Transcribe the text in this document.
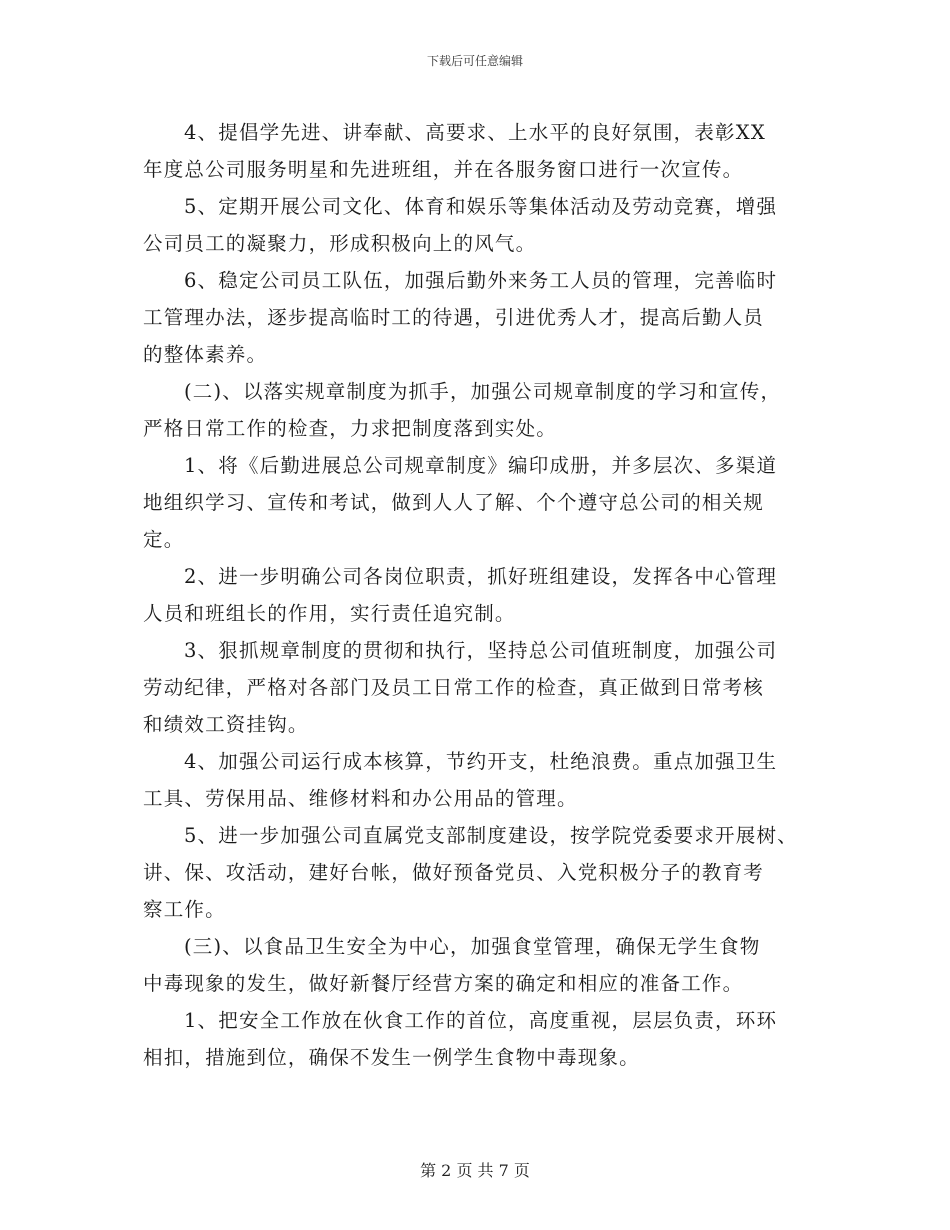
下载后可任意编辑

4、提倡学先进、讲奉献、高要求、上水平的良好氛围，表彰XX
年度总公司服务明星和先进班组，并在各服务窗口进行一次宣传。

5、定期开展公司文化、体育和娱乐等集体活动及劳动竞赛，增强
公司员工的凝聚力，形成积极向上的风气。

6、稳定公司员工队伍，加强后勤外来务工人员的管理，完善临时
工管理办法，逐步提高临时工的待遇，引进优秀人才，提高后勤人员
的整体素养。

(二)、以落实规章制度为抓手，加强公司规章制度的学习和宣传，
严格日常工作的检查，力求把制度落到实处。

1、将《后勤进展总公司规章制度》编印成册，并多层次、多渠道
地组织学习、宣传和考试，做到人人了解、个个遵守总公司的相关规
定。

2、进一步明确公司各岗位职责，抓好班组建设，发挥各中心管理
人员和班组长的作用，实行责任追究制。

3、狠抓规章制度的贯彻和执行，坚持总公司值班制度，加强公司
劳动纪律，严格对各部门及员工日常工作的检查，真正做到日常考核
和绩效工资挂钩。

4、加强公司运行成本核算，节约开支，杜绝浪费。重点加强卫生
工具、劳保用品、维修材料和办公用品的管理。

5、进一步加强公司直属党支部制度建设，按学院党委要求开展树、
讲、保、攻活动，建好台帐，做好预备党员、入党积极分子的教育考
察工作。

(三)、以食品卫生安全为中心，加强食堂管理，确保无学生食物
中毒现象的发生，做好新餐厅经营方案的确定和相应的准备工作。

1、把安全工作放在伙食工作的首位，高度重视，层层负责，环环
相扣，措施到位，确保不发生一例学生食物中毒现象。

第 2 页 共 7 页
